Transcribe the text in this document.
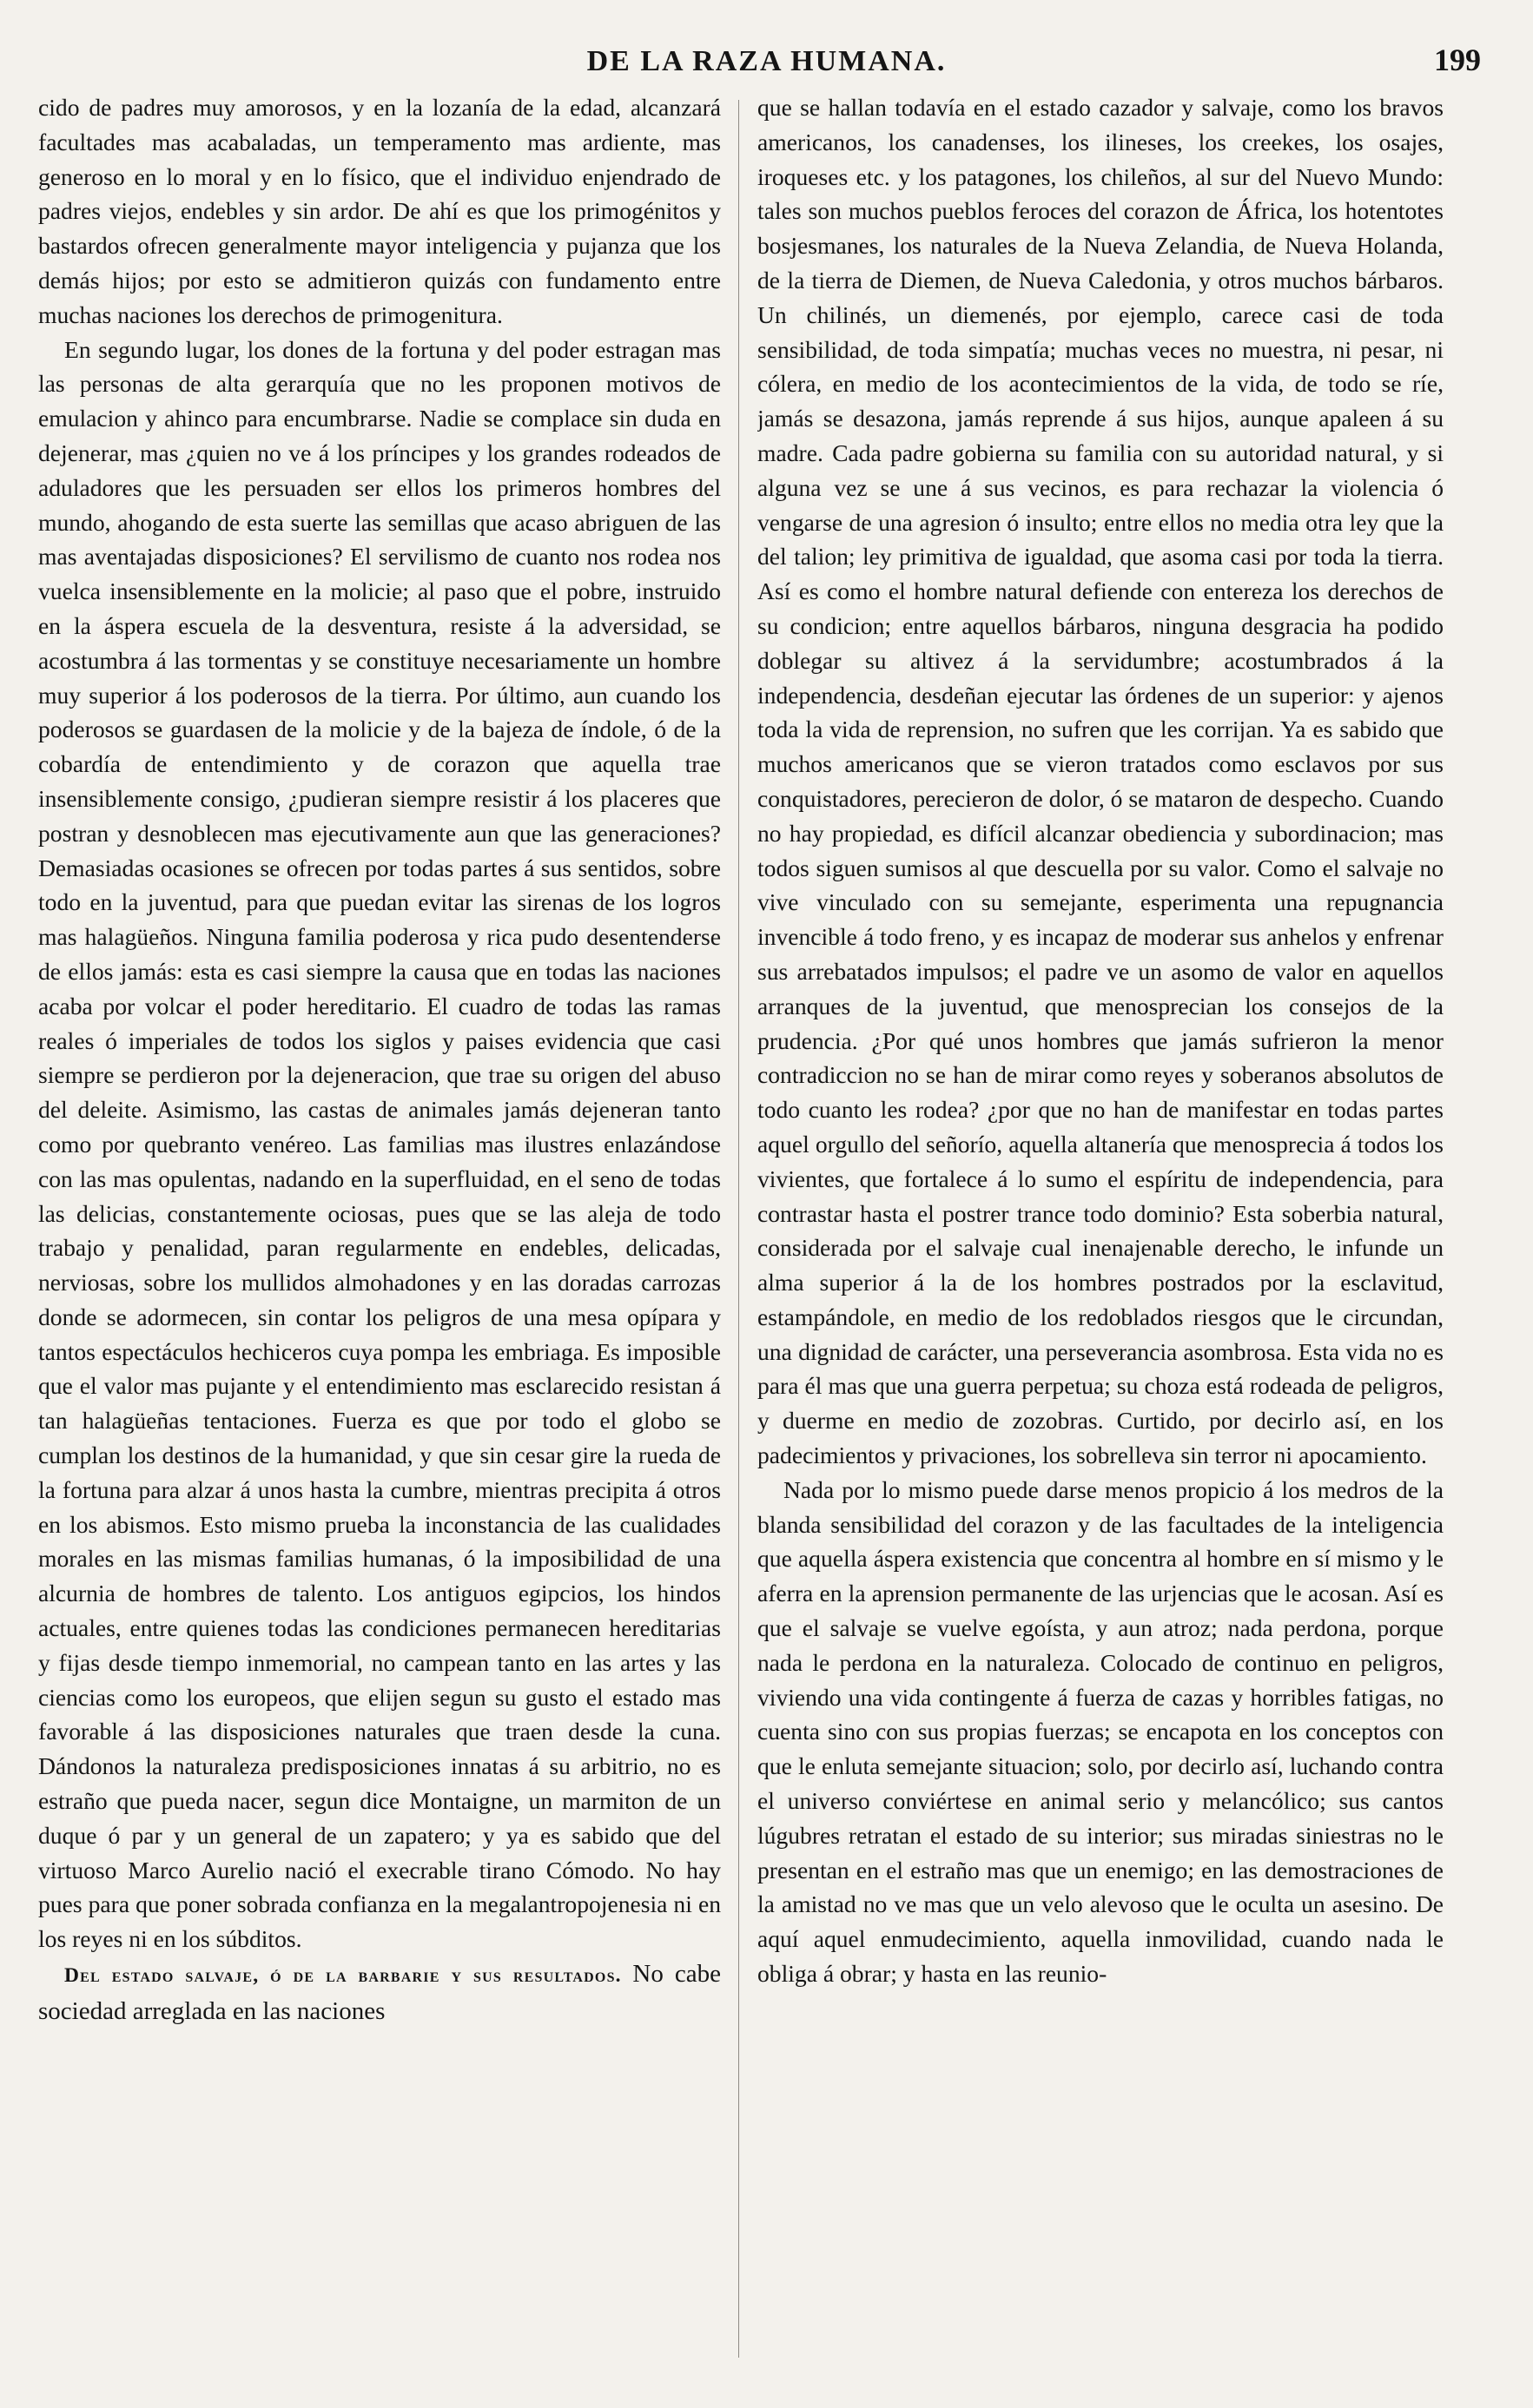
DE LA RAZA HUMANA.	199

cido de padres muy amorosos, y en la lozanía de la edad, alcanzará facultades mas acabaladas, un temperamento mas ardiente, mas generoso en lo moral y en lo físico, que el individuo enjendrado de padres viejos, endebles y sin ardor. De ahí es que los primogénitos y bastardos ofrecen generalmente mayor inteligencia y pujanza que los demás hijos; por esto se admitieron quizás con fundamento entre muchas naciones los derechos de primogenitura.

En segundo lugar, los dones de la fortuna y del poder estragan mas las personas de alta gerarquía que no les proponen motivos de emulacion y ahinco para encumbrarse. Nadie se complace sin duda en dejenerar, mas ¿quien no ve á los príncipes y los grandes rodeados de aduladores que les persuaden ser ellos los primeros hombres del mundo, ahogando de esta suerte las semillas que acaso abriguen de las mas aventajadas disposiciones? El servilismo de cuanto nos rodea nos vuelca insensiblemente en la molicie; al paso que el pobre, instruido en la áspera escuela de la desventura, resiste á la adversidad, se acostumbra á las tormentas y se constituye necesariamente un hombre muy superior á los poderosos de la tierra. Por último, aun cuando los poderosos se guardasen de la molicie y de la bajeza de índole, ó de la cobardía de entendimiento y de corazon que aquella trae insensiblemente consigo, ¿pudieran siempre resistir á los placeres que postran y desnoblecen mas ejecutivamente aun que las generaciones? Demasiadas ocasiones se ofrecen por todas partes á sus sentidos, sobre todo en la juventud, para que puedan evitar las sirenas de los logros mas halagüeños. Ninguna familia poderosa y rica pudo desentenderse de ellos jamás: esta es casi siempre la causa que en todas las naciones acaba por volcar el poder hereditario. El cuadro de todas las ramas reales ó imperiales de todos los siglos y paises evidencia que casi siempre se perdieron por la dejeneracion, que trae su origen del abuso del deleite. Asimismo, las castas de animales jamás dejeneran tanto como por quebranto venéreo. Las familias mas ilustres enlazándose con las mas opulentas, nadando en la superfluidad, en el seno de todas las delicias, constantemente ociosas, pues que se las aleja de todo trabajo y penalidad, paran regularmente en endebles, delicadas, nerviosas, sobre los mullidos almohadones y en las doradas carrozas donde se adormecen, sin contar los peligros de una mesa opípara y tantos espectáculos hechiceros cuya pompa les embriaga. Es imposible que el valor mas pujante y el entendimiento mas esclarecido resistan á tan halagüeñas tentaciones. Fuerza es que por todo el globo se cumplan los destinos de la humanidad, y que sin cesar gire la rueda de la fortuna para alzar á unos hasta la cumbre, mientras precipita á otros en los abismos. Esto mismo prueba la inconstancia de las cualidades morales en las mismas familias humanas, ó la imposibilidad de una alcurnia de hombres de talento. Los antiguos egipcios, los hindos actuales, entre quienes todas las condiciones permanecen hereditarias y fijas desde tiempo inmemorial, no campean tanto en las artes y las ciencias como los europeos, que elijen segun su gusto el estado mas favorable á las disposiciones naturales que traen desde la cuna. Dándonos la naturaleza predisposiciones innatas á su arbitrio, no es estraño que pueda nacer, segun dice Montaigne, un marmiton de un duque ó par y un general de un zapatero; y ya es sabido que del virtuoso Marco Aurelio nació el execrable tirano Cómodo. No hay pues para que poner sobrada confianza en la megalantropojenesia ni en los reyes ni en los súbditos.

Del estado salvaje, ó de la barbarie y sus resultados. No cabe sociedad arreglada en las naciones

que se hallan todavía en el estado cazador y salvaje, como los bravos americanos, los canadenses, los ilineses, los creekes, los osajes, iroqueses etc. y los patagones, los chileños, al sur del Nuevo Mundo: tales son muchos pueblos feroces del corazon de África, los hotentotes bosjesmanes, los naturales de la Nueva Zelandia, de Nueva Holanda, de la tierra de Diemen, de Nueva Caledonia, y otros muchos bárbaros. Un chilinés, un diemenés, por ejemplo, carece casi de toda sensibilidad, de toda simpatía; muchas veces no muestra, ni pesar, ni cólera, en medio de los acontecimientos de la vida, de todo se ríe, jamás se desazona, jamás reprende á sus hijos, aunque apaleen á su madre. Cada padre gobierna su familia con su autoridad natural, y si alguna vez se une á sus vecinos, es para rechazar la violencia ó vengarse de una agresion ó insulto; entre ellos no media otra ley que la del talion; ley primitiva de igualdad, que asoma casi por toda la tierra. Así es como el hombre natural defiende con entereza los derechos de su condicion; entre aquellos bárbaros, ninguna desgracia ha podido doblegar su altivez á la servidumbre; acostumbrados á la independencia, desdeñan ejecutar las órdenes de un superior: y ajenos toda la vida de reprension, no sufren que les corrijan. Ya es sabido que muchos americanos que se vieron tratados como esclavos por sus conquistadores, perecieron de dolor, ó se mataron de despecho. Cuando no hay propiedad, es difícil alcanzar obediencia y subordinacion; mas todos siguen sumisos al que descuella por su valor. Como el salvaje no vive vinculado con su semejante, esperimenta una repugnancia invencible á todo freno, y es incapaz de moderar sus anhelos y enfrenar sus arrebatados impulsos; el padre ve un asomo de valor en aquellos arranques de la juventud, que menosprecian los consejos de la prudencia. ¿Por qué unos hombres que jamás sufrieron la menor contradiccion no se han de mirar como reyes y soberanos absolutos de todo cuanto les rodea? ¿por que no han de manifestar en todas partes aquel orgullo del señorío, aquella altanería que menosprecia á todos los vivientes, que fortalece á lo sumo el espíritu de independencia, para contrastar hasta el postrer trance todo dominio? Esta soberbia natural, considerada por el salvaje cual inenajenable derecho, le infunde un alma superior á la de los hombres postrados por la esclavitud, estampándole, en medio de los redoblados riesgos que le circundan, una dignidad de carácter, una perseverancia asombrosa. Esta vida no es para él mas que una guerra perpetua; su choza está rodeada de peligros, y duerme en medio de zozobras. Curtido, por decirlo así, en los padecimientos y privaciones, los sobrelleva sin terror ni apocamiento.

Nada por lo mismo puede darse menos propicio á los medros de la blanda sensibilidad del corazon y de las facultades de la inteligencia que aquella áspera existencia que concentra al hombre en sí mismo y le aferra en la aprension permanente de las urjencias que le acosan. Así es que el salvaje se vuelve egoísta, y aun atroz; nada perdona, porque nada le perdona en la naturaleza. Colocado de continuo en peligros, viviendo una vida contingente á fuerza de cazas y horribles fatigas, no cuenta sino con sus propias fuerzas; se encapota en los conceptos con que le enluta semejante situacion; solo, por decirlo así, luchando contra el universo conviértese en animal serio y melancólico; sus cantos lúgubres retratan el estado de su interior; sus miradas siniestras no le presentan en el estraño mas que un enemigo; en las demostraciones de la amistad no ve mas que un velo alevoso que le oculta un asesino. De aquí aquel enmudecimiento, aquella inmovilidad, cuando nada le obliga á obrar; y hasta en las reunio-
